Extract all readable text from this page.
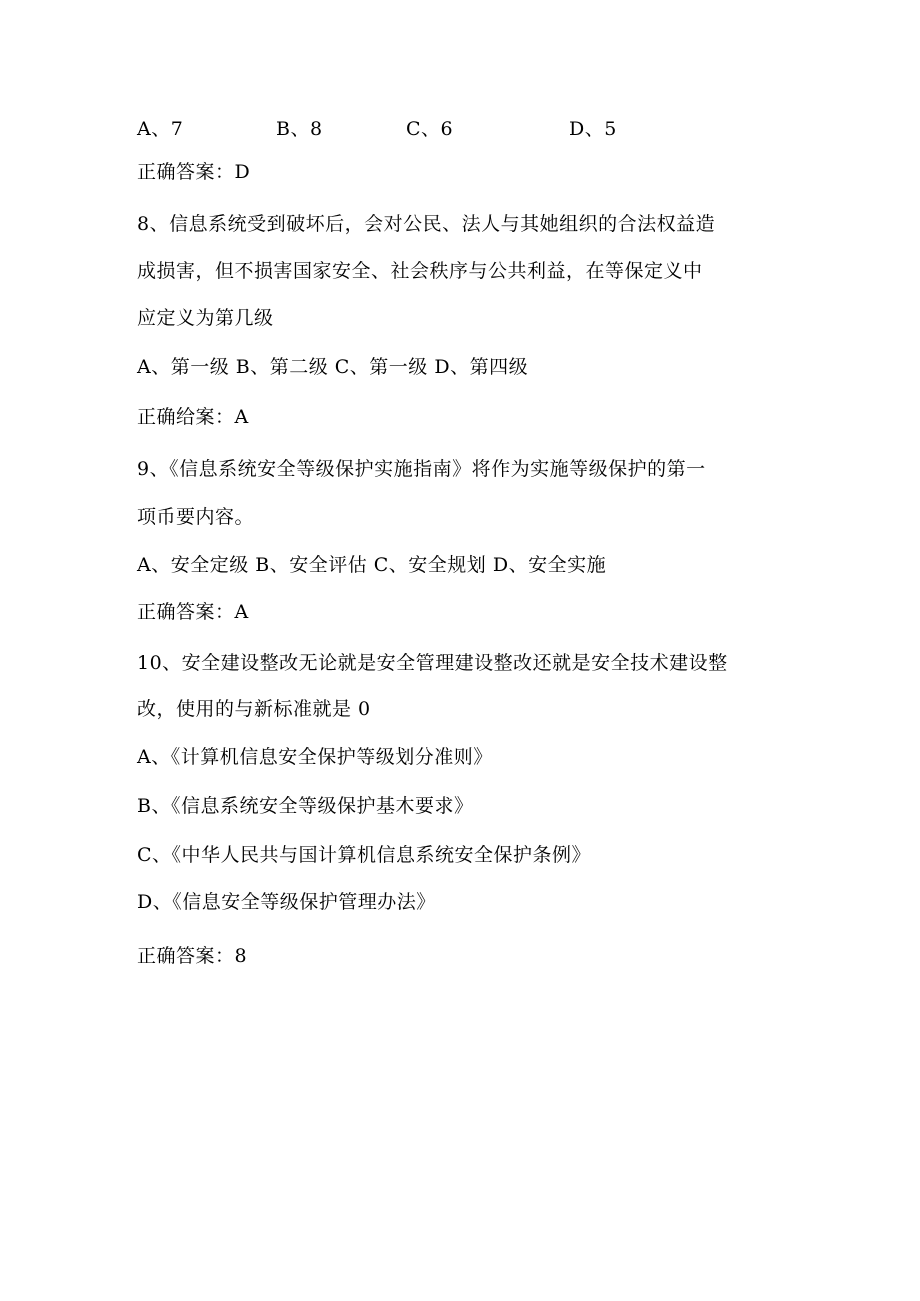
A、7	B、8	C、6	D、5
正确答案：D
8、信息系统受到破坏后，会对公民、法人与其她组织的合法权益造
成损害，但不损害国家安全、社会秩序与公共利益，在等保定义中
应定义为第几级
A、第一级 B、第二级 C、第一级 D、第四级
正确给案：A
9、《信息系统安全等级保护实施指南》将作为实施等级保护的第一
项币要内容。
A、安全定级 B、安全评估 C、安全规划 D、安全实施
正确答案：A
10、安全建设整改无论就是安全管理建设整改还就是安全技术建设整
改，使用的与新标准就是 0
A、《计算机信息安全保护等级划分准则》
B、《信息系统安全等级保护基木要求》
C、《中华人民共与国计算机信息系统安全保护条例》
D、《信息安全等级保护管理办法》
正确答案：8
